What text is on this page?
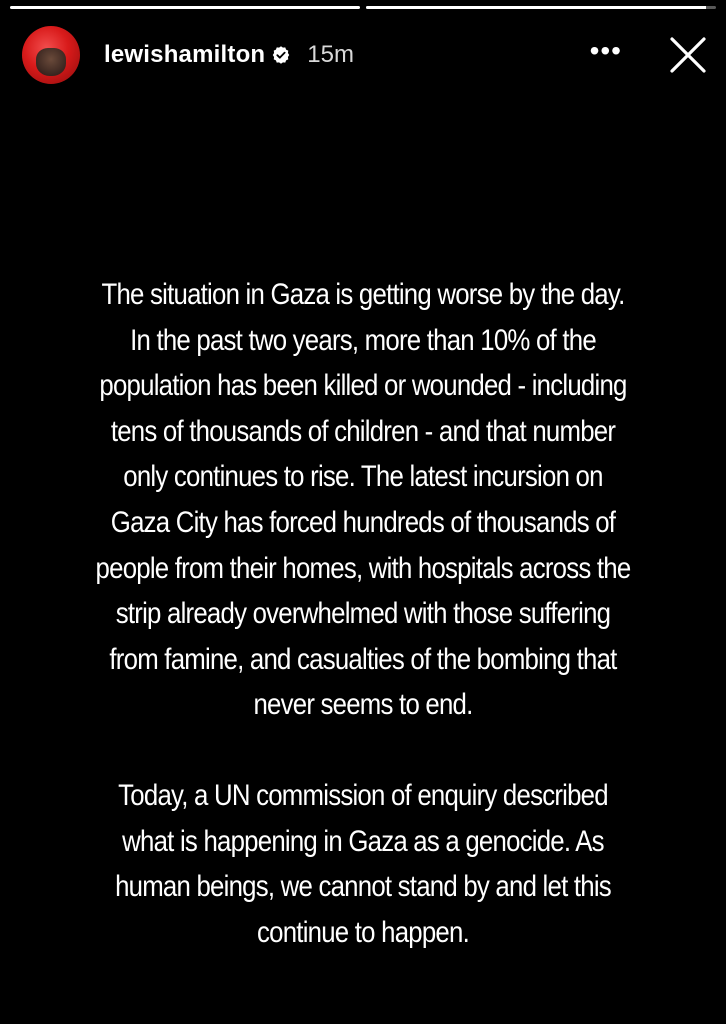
lewishamilton 15m	•••

The situation in Gaza is getting worse by the day. In the past two years, more than 10% of the population has been killed or wounded - including tens of thousands of children - and that number only continues to rise. The latest incursion on Gaza City has forced hundreds of thousands of people from their homes, with hospitals across the strip already overwhelmed with those suffering from famine, and casualties of the bombing that never seems to end.

Today, a UN commission of enquiry described what is happening in Gaza as a genocide. As human beings, we cannot stand by and let this continue to happen.
